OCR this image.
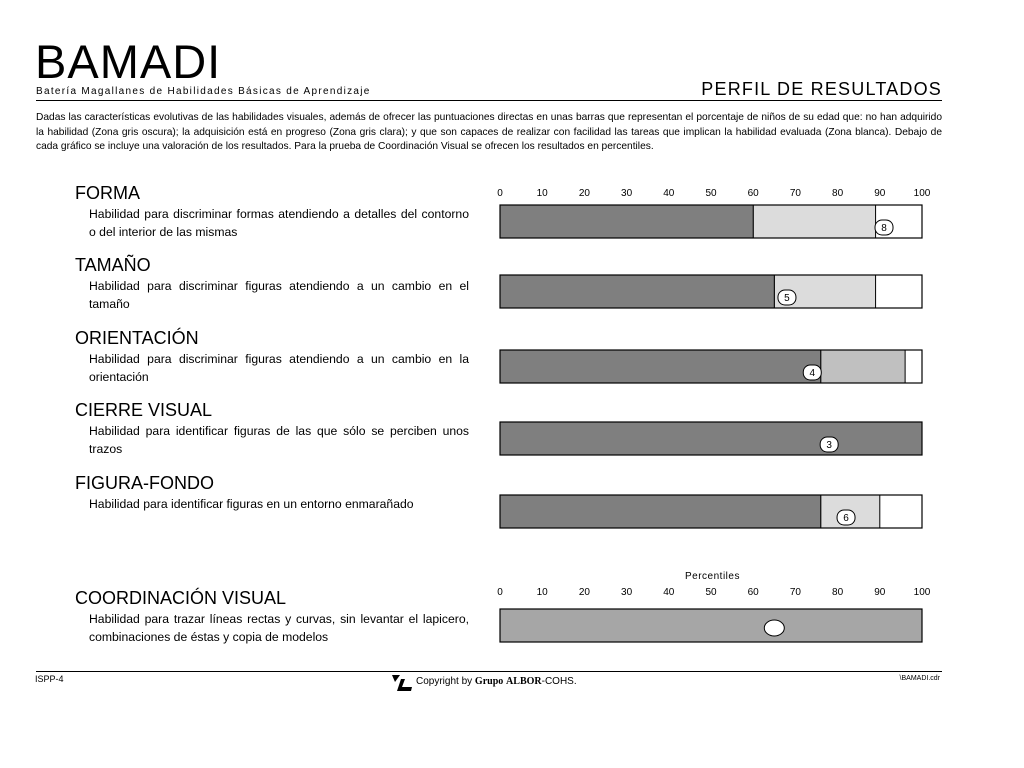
BAMADI
Batería Magallanes de Habilidades Básicas de Aprendizaje	PERFIL DE RESULTADOS
Dadas las características evolutivas de las habilidades visuales, además de ofrecer las puntuaciones directas en unas barras que representan el porcentaje de niños de su edad que: no han adquirido la habilidad (Zona gris oscura); la adquisición está en progreso (Zona gris clara); y que son capaces de realizar con facilidad las tareas que implican la habilidad evaluada (Zona blanca). Debajo de cada gráfico se incluye una valoración de los resultados. Para la prueba de Coordinación Visual se ofrecen los resultados en percentiles.
FORMA
Habilidad para discriminar formas atendiendo a detalles del contorno o del interior de las mismas
TAMAÑO
Habilidad para discriminar figuras atendiendo a un cambio en el tamaño
ORIENTACIÓN
Habilidad para discriminar figuras atendiendo a un cambio en la orientación
CIERRE VISUAL
Habilidad para identificar figuras de las que sólo se perciben unos trazos
FIGURA-FONDO
Habilidad para identificar figuras en un entorno enmarañado
COORDINACIÓN VISUAL
Habilidad para trazar líneas rectas y curvas, sin levantar el lapicero, combinaciones de éstas y copia de modelos
Percentiles
8
5
4
3
6
ISPP-4	Copyright by Grupo ALBOR-COHS.	\BAMADI.cdr
0	10	20	30	40	50	60	70	80	90	100
0	10	20	30	40	50	60	70	80	90	100
